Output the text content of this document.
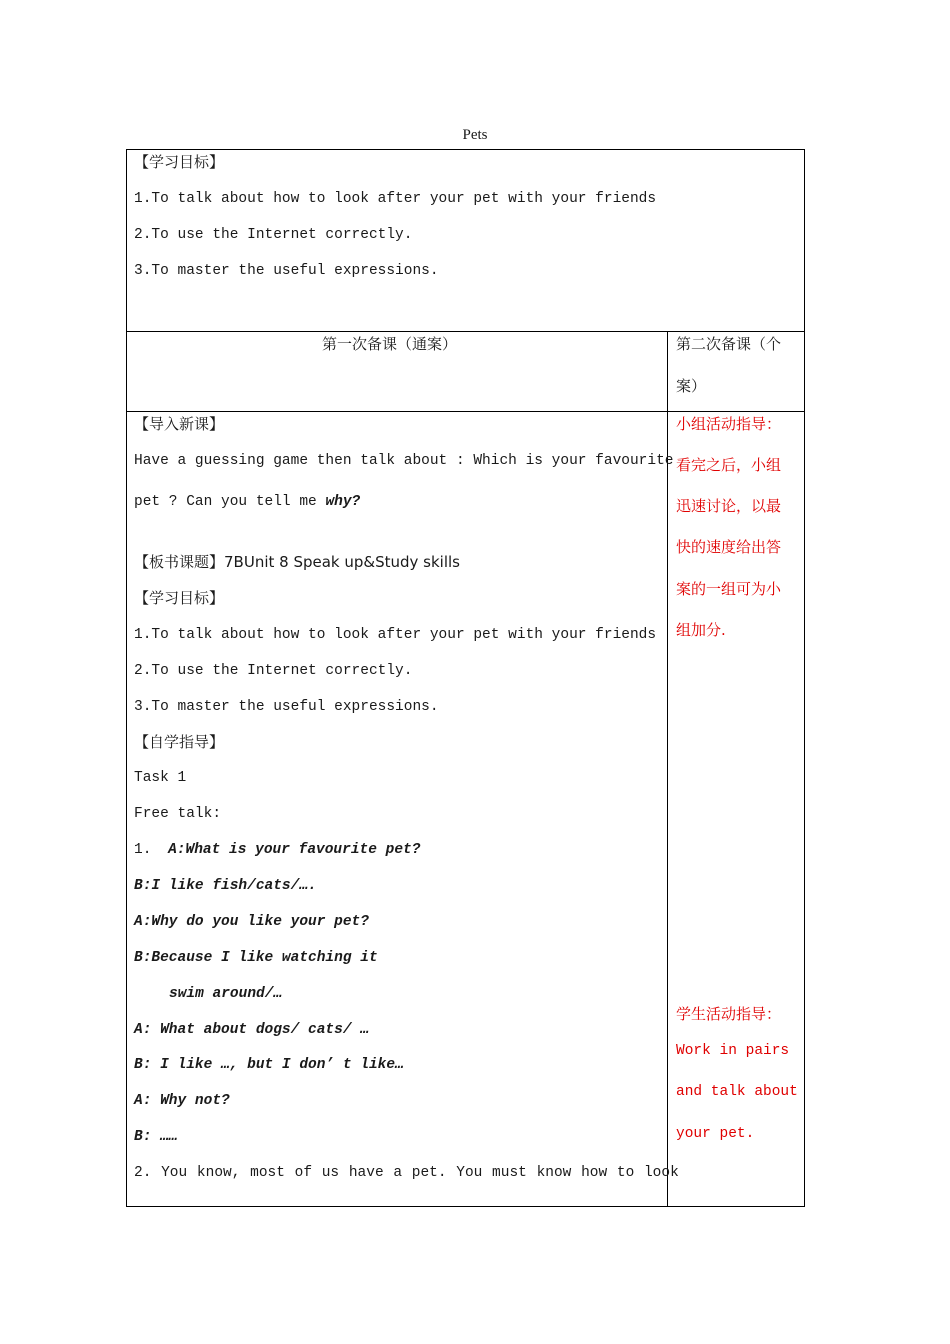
Pets
【学习目标】
1.To talk about how to look after your pet with your friends
2.To use the Internet correctly.
3.To master the useful expressions.
第一次备课（通案）	第二次备课（个
案）
【导入新课】
Have a guessing game then talk about : Which is your favourite
pet ? Can you tell me why?
【板书课题】7BUnit 8 Speak up&Study skills
【学习目标】
1.To talk about how to look after your pet with your friends
2.To use the Internet correctly.
3.To master the useful expressions.
【自学指导】
Task 1
Free talk:
1. A:What is your favourite pet?
B:I like fish/cats/….
A:Why do you like your pet?
B:Because I like watching it
swim around/…
A: What about dogs/ cats/ …
B: I like …, but I don’ t like…
A: Why not?
B: ……
2. You know, most of us have a pet. You must know how to look
小组活动指导：
看完之后，小组
迅速讨论，以最
快的速度给出答
案的一组可为小
组加分.
学生活动指导：
Work in pairs
and talk about
your pet.
